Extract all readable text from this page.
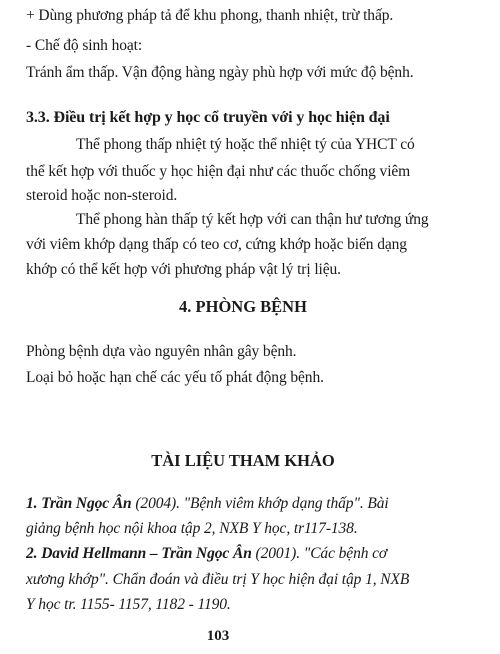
+ Dùng phương pháp tả để khu phong, thanh nhiệt, trừ thấp.
- Chế độ sinh hoạt:
Tránh ẩm thấp. Vận động hàng ngày phù hợp với mức độ bệnh.
3.3. Điều trị kết hợp y học cổ truyền với y học hiện đại
Thể phong thấp nhiệt tý hoặc thể nhiệt tý của YHCT có
thể kết hợp với thuốc y học hiện đại như các thuốc chống viêm
steroid hoặc non-steroid.
Thể phong hàn thấp tý kết hợp với can thận hư tương ứng
với viêm khớp dạng thấp có teo cơ, cứng khớp hoặc biến dạng
khớp có thể kết hợp với phương pháp vật lý trị liệu.
4. PHÒNG BỆNH
Phòng bệnh dựa vào nguyên nhân gây bệnh.
Loại bỏ hoặc hạn chế các yếu tố phát động bệnh.
TÀI LIỆU THAM KHẢO
1. Trần Ngọc Ân (2004). "Bệnh viêm khớp dạng thấp". Bài
giảng bệnh học nội khoa tập 2, NXB Y học, tr117-138.
2. David Hellmann – Trần Ngọc Ân (2001). "Các bệnh cơ
xương khớp". Chẩn đoán và điều trị Y học hiện đại tập 1, NXB
Y học tr. 1155- 1157, 1182 - 1190.
103
